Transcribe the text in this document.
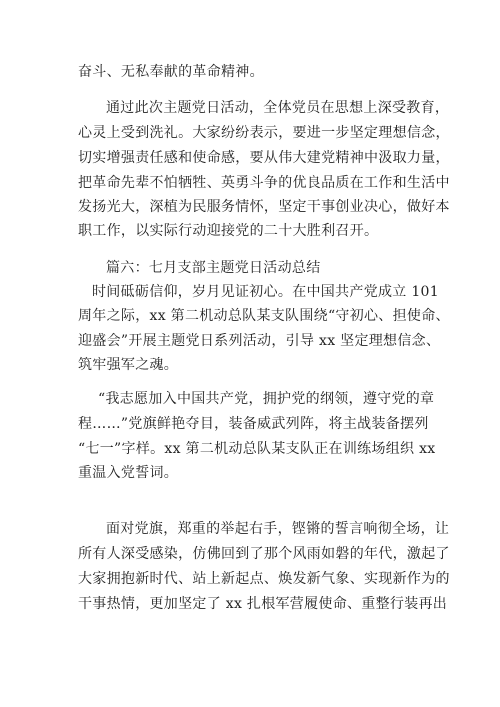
奋斗、无私奉献的革命精神。
通过此次主题党日活动，全体党员在思想上深受教育，
心灵上受到洗礼。大家纷纷表示，要进一步坚定理想信念，
切实增强责任感和使命感，要从伟大建党精神中汲取力量，
把革命先辈不怕牺牲、英勇斗争的优良品质在工作和生活中
发扬光大，深植为民服务情怀，坚定干事创业决心，做好本
职工作，以实际行动迎接党的二十大胜利召开。
篇六：七月支部主题党日活动总结
时间砥砺信仰，岁月见证初心。在中国共产党成立 101
周年之际，xx 第二机动总队某支队围绕“守初心、担使命、
迎盛会”开展主题党日系列活动，引导 xx 坚定理想信念、
筑牢强军之魂。
“我志愿加入中国共产党，拥护党的纲领，遵守党的章
程……”党旗鲜艳夺目，装备威武列阵，将主战装备摆列
“七一”字样。xx 第二机动总队某支队正在训练场组织 xx
重温入党誓词。
面对党旗，郑重的举起右手，铿锵的誓言响彻全场，让
所有人深受感染，仿佛回到了那个风雨如磐的年代，激起了
大家拥抱新时代、站上新起点、焕发新气象、实现新作为的
干事热情，更加坚定了 xx 扎根军营履使命、重整行装再出
